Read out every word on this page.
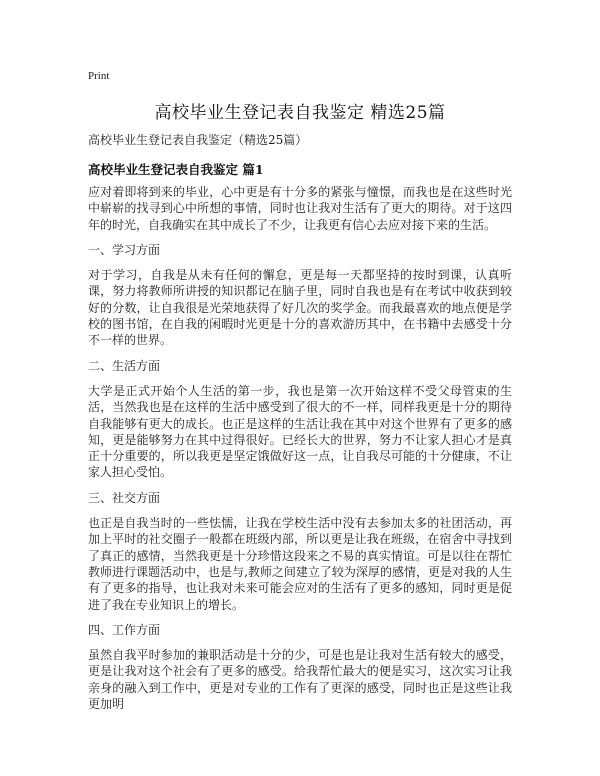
Print
高校毕业生登记表自我鉴定 精选25篇
高校毕业生登记表自我鉴定（精选25篇）
高校毕业生登记表自我鉴定 篇1

应对着即将到来的毕业，心中更是有十分多的紧张与憧憬，而我也是在这些时光中崭崭的找寻到心中所想的事情，同时也让我对生活有了更大的期待。对于这四年的时光，自我确实在其中成长了不少，让我更有信心去应对接下来的生活。

一、学习方面

对于学习，自我是从未有任何的懈怠，更是每一天都坚持的按时到课，认真听课，努力将教师所讲授的知识都记在脑子里，同时自我也是有在考试中收获到较好的分数，让自我很是光荣地获得了好几次的奖学金。而我最喜欢的地点便是学校的图书馆，在自我的闲暇时光更是十分的喜欢游历其中，在书籍中去感受十分不一样的世界。

二、生活方面

大学是正式开始个人生活的第一步，我也是第一次开始这样不受父母管束的生活，当然我也是在这样的生活中感受到了很大的不一样，同样我更是十分的期待自我能够有更大的成长。也正是这样的生活让我在其中对这个世界有了更多的感知，更是能够努力在其中过得很好。已经长大的世界，努力不让家人担心才是真正十分重要的，所以我更是坚定饿做好这一点，让自我尽可能的十分健康，不让家人担心受怕。

三、社交方面

也正是自我当时的一些怯懦，让我在学校生活中没有去参加太多的社团活动，再加上平时的社交圈子一般都在班级内部，所以更是让我在班级，在宿舍中寻找到了真正的感情，当然我更是十分珍惜这段来之不易的真实情谊。可是以往在帮忙教师进行课题活动中，也是与,教师之间建立了较为深厚的感情，更是对我的人生有了更多的指导，也让我对未来可能会应对的生活有了更多的感知，同时更是促进了我在专业知识上的增长。

四、工作方面

虽然自我平时参加的兼职活动是十分的少，可是也是让我对生活有较大的感受，更是让我对这个社会有了更多的感受。给我帮忙最大的便是实习，这次实习让我亲身的融入到工作中，更是对专业的工作有了更深的感受，同时也正是这些让我更加明
